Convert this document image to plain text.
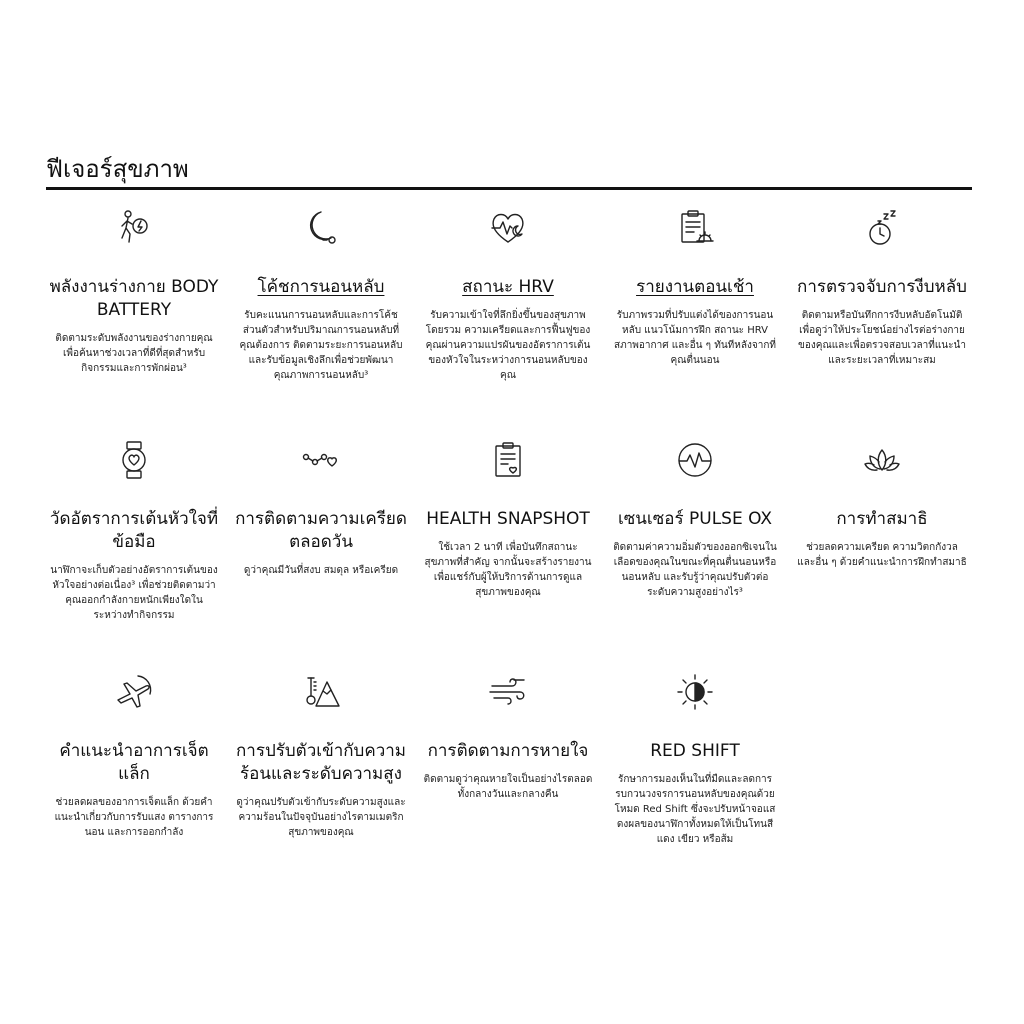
ฟีเจอร์สุขภาพ
พลังงานร่างกาย BODY BATTERY
ติดตามระดับพลังงานของร่างกายคุณ เพื่อค้นหาช่วงเวลาที่ดีที่สุดสำหรับกิจกรรมและการพักผ่อน³
โค้ชการนอนหลับ
รับคะแนนการนอนหลับและการโค้ชส่วนตัวสำหรับปริมาณการนอนหลับที่คุณต้องการ ติดตามระยะการนอนหลับและรับข้อมูลเชิงลึกเพื่อช่วยพัฒนาคุณภาพการนอนหลับ³
สถานะ HRV
รับความเข้าใจที่ลึกยิ่งขึ้นของสุขภาพโดยรวม ความเครียดและการฟื้นฟูของคุณผ่านความแปรผันของอัตราการเต้นของหัวใจในระหว่างการนอนหลับของคุณ
รายงานตอนเช้า
รับภาพรวมที่ปรับแต่งได้ของการนอนหลับ แนวโน้มการฝึก สถานะ HRV สภาพอากาศ และอื่น ๆ ทันทีหลังจากที่คุณตื่นนอน
การตรวจจับการงีบหลับ
ติดตามหรือบันทึกการงีบหลับอัตโนมัติเพื่อดูว่าให้ประโยชน์อย่างไรต่อร่างกายของคุณและเพื่อตรวจสอบเวลาที่แนะนำและระยะเวลาที่เหมาะสม
วัดอัตราการเต้นหัวใจที่ข้อมือ
นาฬิกาจะเก็บตัวอย่างอัตราการเต้นของหัวใจอย่างต่อเนื่อง³ เพื่อช่วยติดตามว่าคุณออกกำลังกายหนักเพียงใดในระหว่างทำกิจกรรม
การติดตามความเครียดตลอดวัน
ดูว่าคุณมีวันที่สงบ สมดุล หรือเครียด
HEALTH SNAPSHOT
ใช้เวลา 2 นาที เพื่อบันทึกสถานะสุขภาพที่สำคัญ จากนั้นจะสร้างรายงานเพื่อแชร์กับผู้ให้บริการด้านการดูแลสุขภาพของคุณ
เซนเซอร์ PULSE OX
ติดตามค่าความอิ่มตัวของออกซิเจนในเลือดของคุณในขณะที่คุณตื่นนอนหรือนอนหลับ และรับรู้ว่าคุณปรับตัวต่อระดับความสูงอย่างไร³
การทำสมาธิ
ช่วยลดความเครียด ความวิตกกังวล และอื่น ๆ ด้วยคำแนะนำการฝึกทำสมาธิ
คำแนะนำอาการเจ็ตแล็ก
ช่วยลดผลของอาการเจ็ตแล็ก ด้วยคำแนะนำเกี่ยวกับการรับแสง ตารางการนอน และการออกกำลัง
การปรับตัวเข้ากับความร้อนและระดับความสูง
ดูว่าคุณปรับตัวเข้ากับระดับความสูงและความร้อนในปัจจุบันอย่างไรตามเมตริกสุขภาพของคุณ
การติดตามการหายใจ
ติดตามดูว่าคุณหายใจเป็นอย่างไรตลอดทั้งกลางวันและกลางคืน
RED SHIFT
รักษาการมองเห็นในที่มืดและลดการรบกวนวงจรการนอนหลับของคุณด้วยโหมด Red Shift ซึ่งจะปรับหน้าจอแสดงผลของนาฬิกาทั้งหมดให้เป็นโทนสีแดง เขียว หรือส้ม
